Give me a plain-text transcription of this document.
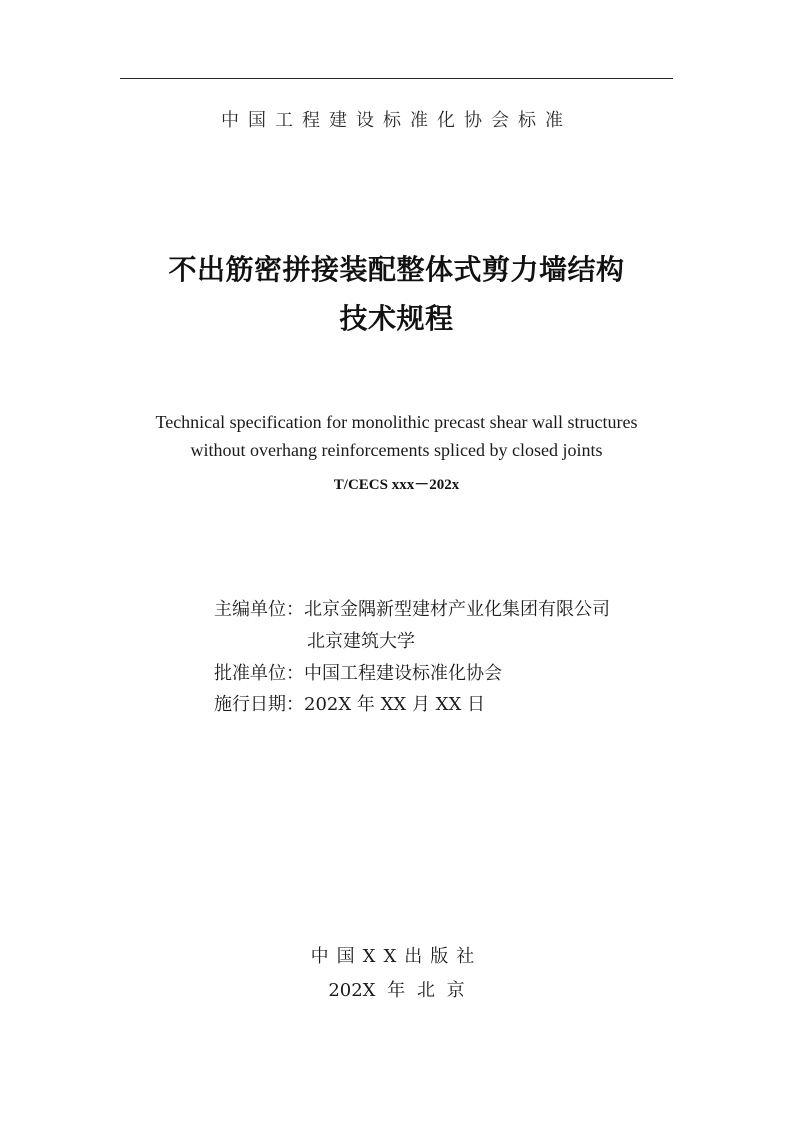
中国工程建设标准化协会标准
不出筋密拼接装配整体式剪力墙结构
技术规程
Technical specification for monolithic precast shear wall structures
without overhang reinforcements spliced by closed joints
T/CECS xxx－202x
主编单位：北京金隅新型建材产业化集团有限公司
北京建筑大学
批准单位：中国工程建设标准化协会
施行日期：202X 年 XX 月 XX 日
中国XX出版社
202X 年 北 京
